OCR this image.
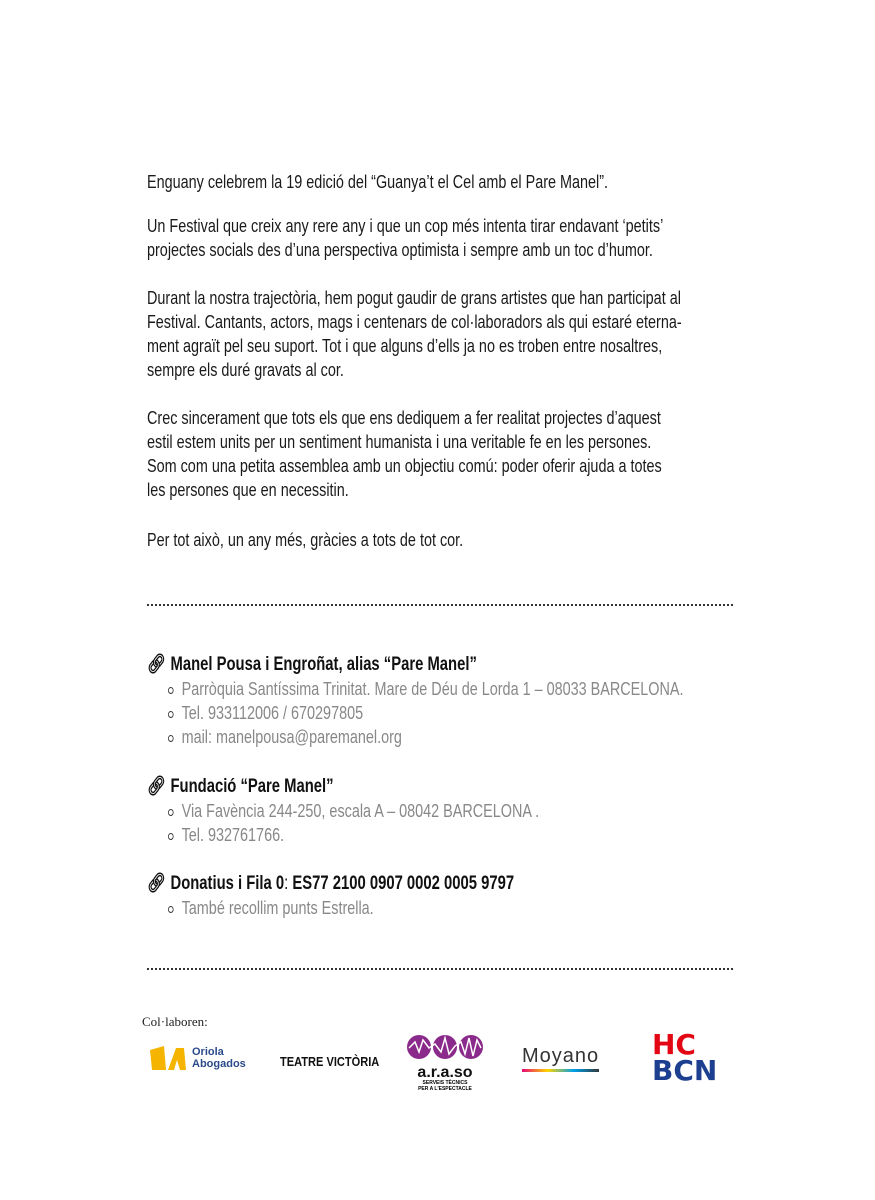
Enguany celebrem la 19 edició del “Guanya’t el Cel amb el Pare Manel”.
Un Festival que creix any rere any i que un cop més intenta tirar endavant ‘petits’
projectes socials des d’una perspectiva optimista i sempre amb un toc d’humor.
Durant la nostra trajectòria, hem pogut gaudir de grans artistes que han participat al
Festival. Cantants, actors, mags i centenars de col·laboradors als qui estaré eterna-
ment agraït pel seu suport. Tot i que alguns d’ells ja no es troben entre nosaltres,
sempre els duré gravats al cor.
Crec sincerament que tots els que ens dediquem a fer realitat projectes d’aquest
estil estem units per un sentiment humanista i una veritable fe en les persones.
Som com una petita assemblea amb un objectiu comú: poder oferir ajuda a totes
les persones que en necessitin.
Per tot això, un any més, gràcies a tots de tot cor.
🔗︎ Manel Pousa i Engroñat, alias “Pare Manel”
Parròquia Santíssima Trinitat. Mare de Déu de Lorda 1 – 08033 BARCELONA.
Tel. 933112006 / 670297805
mail: manelpousa@paremanel.org
🔗︎ Fundació “Pare Manel”
Via Favència 244-250, escala A – 08042 BARCELONA .
Tel. 932761766.
🔗︎ Donatius i Fila 0: ES77 2100 0907 0002 0005 9797
També recollim punts Estrella.
Col·laboren:
Oriola
Abogados	TEATRE VICTÒRIA
a.r.a.so
SERVEIS TÈCNICS
PER A L'ESPECTACLE
Moyano HC
BCN
